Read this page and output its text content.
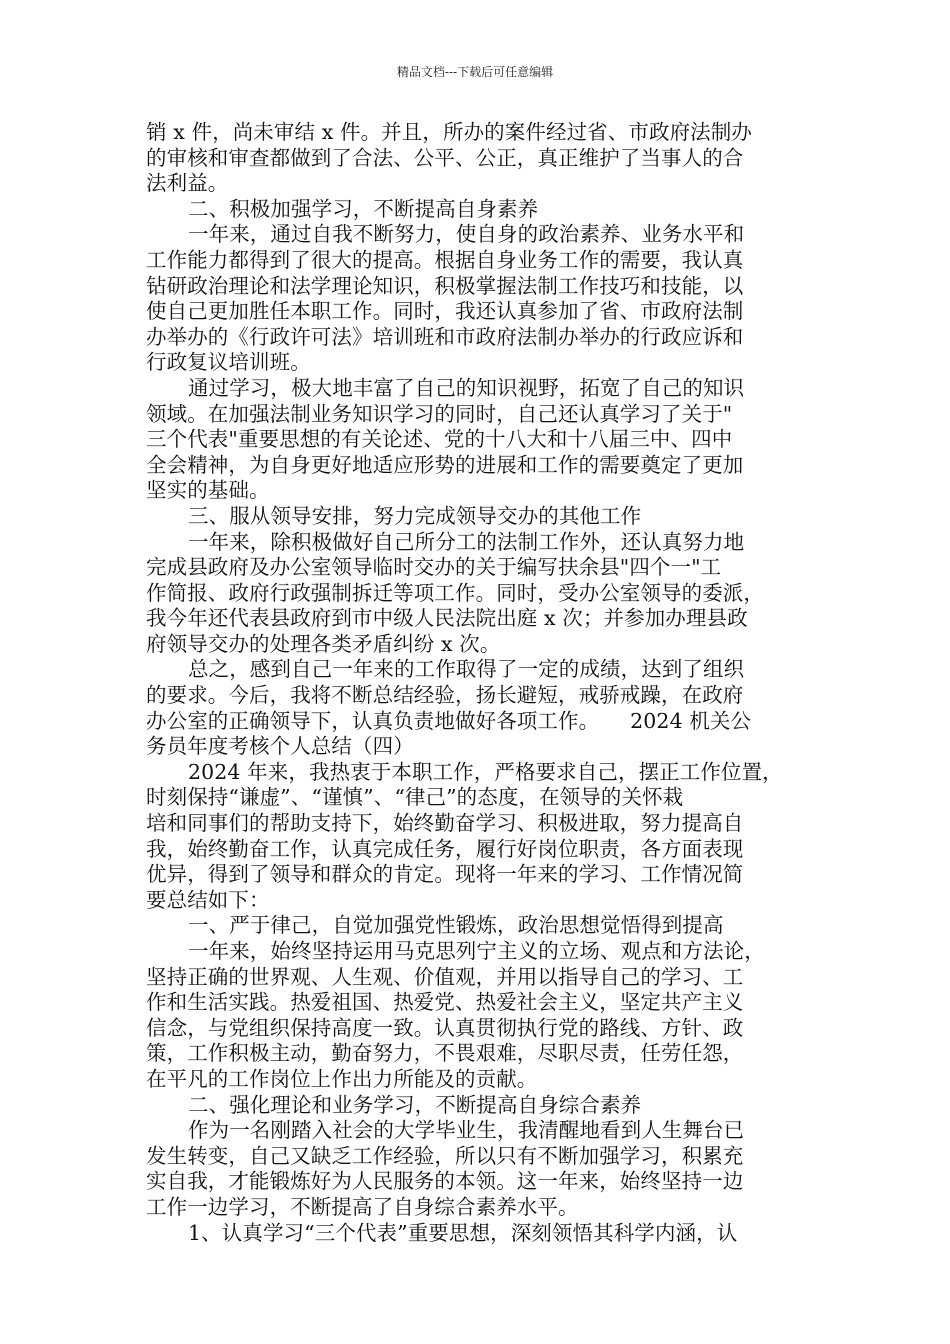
精品文档---下载后可任意编辑
销 x 件，尚未审结 x 件。并且，所办的案件经过省、市政府法制办
的审核和审查都做到了合法、公平、公正，真正维护了当事人的合
法利益。
二、积极加强学习，不断提高自身素养
一年来，通过自我不断努力，使自身的政治素养、业务水平和
工作能力都得到了很大的提高。根据自身业务工作的需要，我认真
钻研政治理论和法学理论知识，积极掌握法制工作技巧和技能，以
使自己更加胜任本职工作。同时，我还认真参加了省、市政府法制
办举办的《行政许可法》培训班和市政府法制办举办的行政应诉和
行政复议培训班。
通过学习，极大地丰富了自己的知识视野，拓宽了自己的知识
领域。在加强法制业务知识学习的同时，自己还认真学习了关于"
三个代表"重要思想的有关论述、党的十八大和十八届三中、四中
全会精神，为自身更好地适应形势的进展和工作的需要奠定了更加
坚实的基础。
三、服从领导安排，努力完成领导交办的其他工作
一年来，除积极做好自己所分工的法制工作外，还认真努力地
完成县政府及办公室领导临时交办的关于编写扶余县"四个一"工
作简报、政府行政强制拆迁等项工作。同时，受办公室领导的委派，
我今年还代表县政府到市中级人民法院出庭 x 次；并参加办理县政
府领导交办的处理各类矛盾纠纷 x 次。
总之，感到自己一年来的工作取得了一定的成绩，达到了组织
的要求。今后，我将不断总结经验，扬长避短，戒骄戒躁，在政府
办公室的正确领导下，认真负责地做好各项工作。　　2024 机关公
务员年度考核个人总结（四）
2024 年来，我热衷于本职工作，严格要求自己，摆正工作位置，
时刻保持“谦虚”、“谨慎”、“律己”的态度，在领导的关怀栽
培和同事们的帮助支持下，始终勤奋学习、积极进取，努力提高自
我，始终勤奋工作，认真完成任务，履行好岗位职责，各方面表现
优异，得到了领导和群众的肯定。现将一年来的学习、工作情况简
要总结如下：
一、严于律己，自觉加强党性锻炼，政治思想觉悟得到提高
一年来，始终坚持运用马克思列宁主义的立场、观点和方法论，
坚持正确的世界观、人生观、价值观，并用以指导自己的学习、工
作和生活实践。热爱祖国、热爱党、热爱社会主义，坚定共产主义
信念，与党组织保持高度一致。认真贯彻执行党的路线、方针、政
策，工作积极主动，勤奋努力，不畏艰难，尽职尽责，任劳任怨，
在平凡的工作岗位上作出力所能及的贡献。
二、强化理论和业务学习，不断提高自身综合素养
作为一名刚踏入社会的大学毕业生，我清醒地看到人生舞台已
发生转变，自己又缺乏工作经验，所以只有不断加强学习，积累充
实自我，才能锻炼好为人民服务的本领。这一年来，始终坚持一边
工作一边学习，不断提高了自身综合素养水平。
1、认真学习“三个代表”重要思想，深刻领悟其科学内涵，认
